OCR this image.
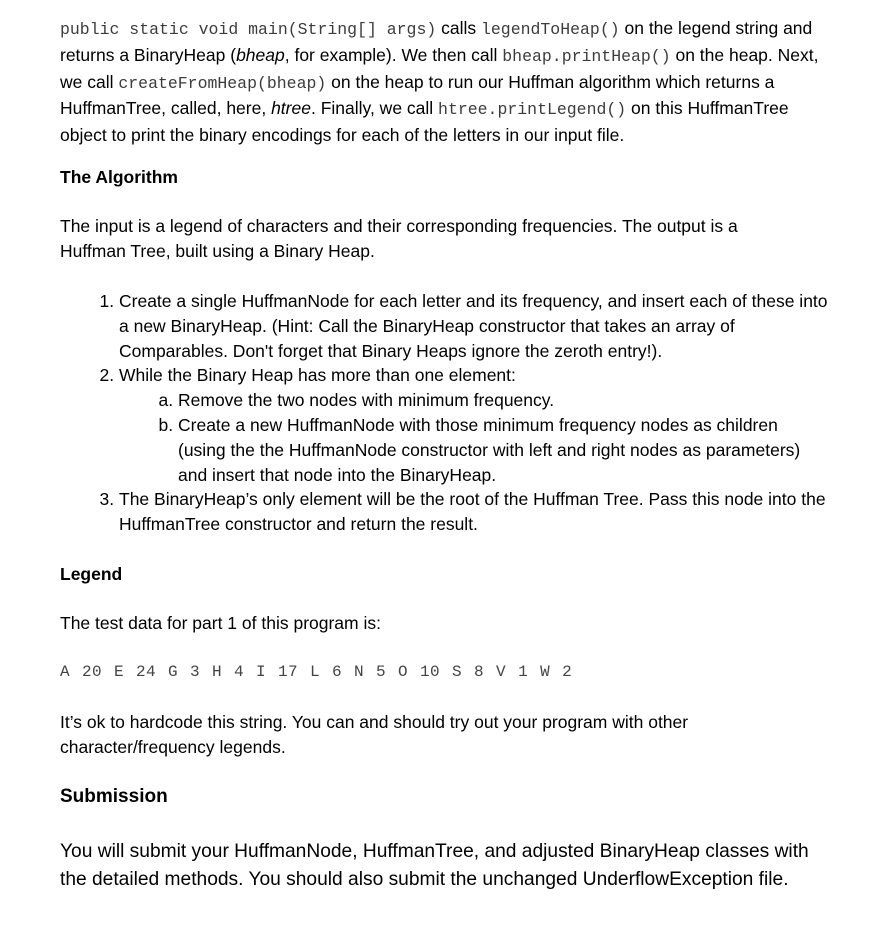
public static void main(String[] args) calls legendToHeap() on the legend string and returns a BinaryHeap (bheap, for example). We then call bheap.printHeap() on the heap. Next, we call createFromHeap(bheap) on the heap to run our Huffman algorithm which returns a HuffmanTree, called, here, htree. Finally, we call htree.printLegend() on this HuffmanTree object to print the binary encodings for each of the letters in our input file.

The Algorithm

The input is a legend of characters and their corresponding frequencies. The output is a Huffman Tree, built using a Binary Heap.

1. Create a single HuffmanNode for each letter and its frequency, and insert each of these into a new BinaryHeap. (Hint: Call the BinaryHeap constructor that takes an array of Comparables. Don't forget that Binary Heaps ignore the zeroth entry!).
2. While the Binary Heap has more than one element:
a. Remove the two nodes with minimum frequency.
b. Create a new HuffmanNode with those minimum frequency nodes as children (using the the HuffmanNode constructor with left and right nodes as parameters) and insert that node into the BinaryHeap.
3. The BinaryHeap’s only element will be the root of the Huffman Tree. Pass this node into the HuffmanTree constructor and return the result.
Legend

The test data for part 1 of this program is:

A 20 E 24 G 3 H 4 I 17 L 6 N 5 O 10 S 8 V 1 W 2

It’s ok to hardcode this string. You can and should try out your program with other character/frequency legends.

Submission

You will submit your HuffmanNode, HuffmanTree, and adjusted BinaryHeap classes with the detailed methods. You should also submit the unchanged UnderflowException file.
